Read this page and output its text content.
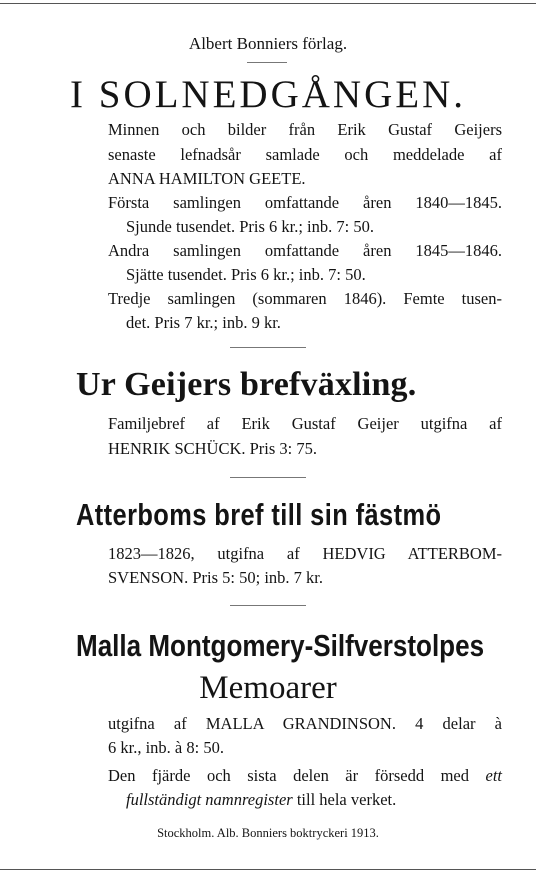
Albert Bonniers förlag.
I SOLNEDGÅNGEN.
Minnen och bilder från Erik Gustaf Geijers
senaste lefnadsår samlade och meddelade af
ANNA HAMILTON GEETE.
Första samlingen omfattande åren 1840—1845.
Sjunde tusendet. Pris 6 kr.; inb. 7: 50.
Andra samlingen omfattande åren 1845—1846.
Sjätte tusendet. Pris 6 kr.; inb. 7: 50.
Tredje samlingen (sommaren 1846). Femte tusen-
det. Pris 7 kr.; inb. 9 kr.
Ur Geijers brefväxling.
Familjebref af Erik Gustaf Geijer utgifna af
HENRIK SCHÜCK. Pris 3: 75.
Atterboms bref till sin fästmö
1823—1826, utgifna af HEDVIG ATTERBOM-
SVENSON. Pris 5: 50; inb. 7 kr.
Malla Montgomery-Silfverstolpes
Memoarer
utgifna af MALLA GRANDINSON. 4 delar à
6 kr., inb. à 8: 50.
Den fjärde och sista delen är försedd med ett
fullständigt namnregister till hela verket.
Stockholm. Alb. Bonniers boktryckeri 1913.
